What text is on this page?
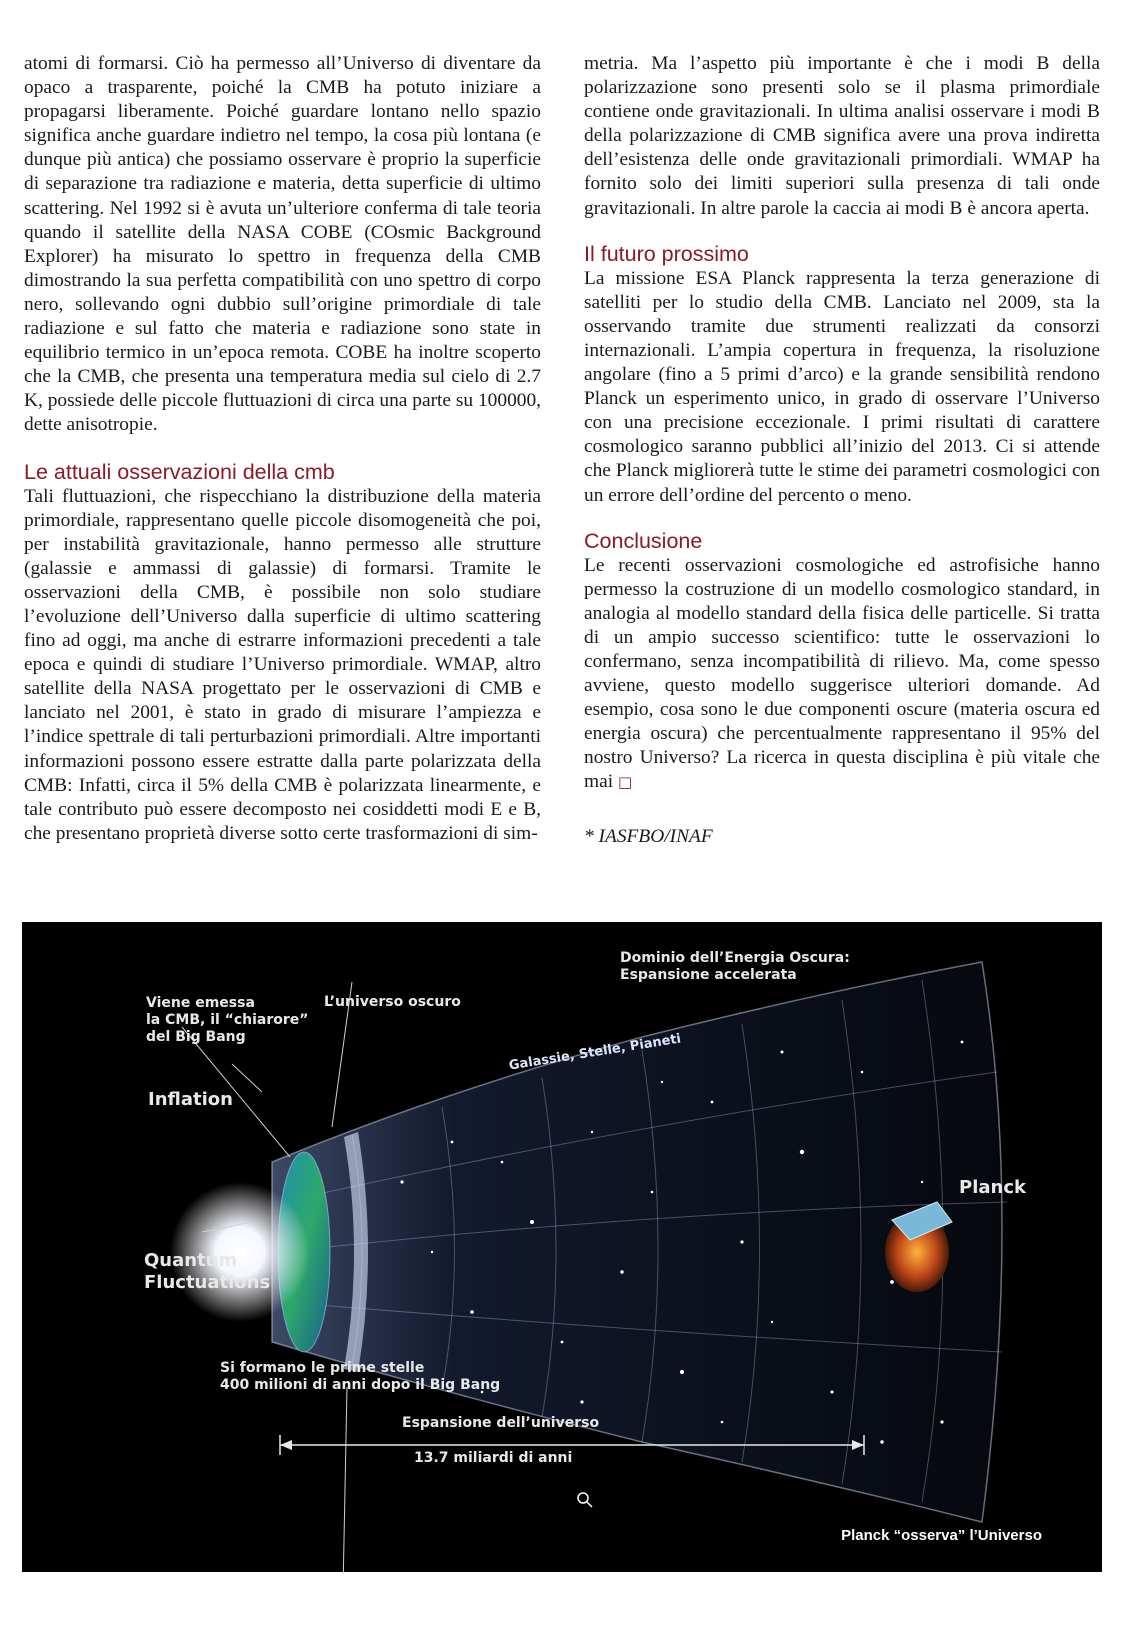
atomi di formarsi. Ciò ha permesso all’Universo di diventare da opaco a trasparente, poiché la CMB ha potuto iniziare a propagarsi liberamente. Poiché guardare lontano nello spazio significa anche guardare indietro nel tempo, la cosa più lontana (e dunque più antica) che possiamo osservare è proprio la superficie di separazione tra radiazione e materia, detta superficie di ultimo scattering. Nel 1992 si è avuta un’ulteriore conferma di tale teoria quando il satellite della NASA COBE (COsmic Background Explorer) ha misurato lo spettro in frequenza della CMB dimostrando la sua perfetta compatibilità con uno spettro di corpo nero, sollevando ogni dubbio sull’origine primordiale di tale radiazione e sul fatto che materia e radiazione sono state in equilibrio termico in un’epoca remota. COBE ha inoltre scoperto che la CMB, che presenta una temperatura media sul cielo di 2.7 K, possiede delle piccole fluttuazioni di circa una parte su 100000, dette anisotropie.

Le attuali osservazioni della cmb

Tali fluttuazioni, che rispecchiano la distribuzione della materia primordiale, rappresentano quelle piccole disomogeneità che poi, per instabilità gravitazionale, hanno permesso alle strutture (galassie e ammassi di galassie) di formarsi. Tramite le osservazioni della CMB, è possibile non solo studiare l’evoluzione dell’Universo dalla superficie di ultimo scattering fino ad oggi, ma anche di estrarre informazioni precedenti a tale epoca e quindi di studiare l’Universo primordiale. WMAP, altro satellite della NASA progettato per le osservazioni di CMB e lanciato nel 2001, è stato in grado di misurare l’ampiezza e l’indice spettrale di tali perturbazioni primordiali. Altre importanti informazioni possono essere estratte dalla parte polarizzata della CMB: Infatti, circa il 5% della CMB è polarizzata linearmente, e tale contributo può essere decomposto nei cosiddetti modi E e B, che presentano proprietà diverse sotto certe trasformazioni di sim-

metria. Ma l’aspetto più importante è che i modi B della polarizzazione sono presenti solo se il plasma primordiale contiene onde gravitazionali. In ultima analisi osservare i modi B della polarizzazione di CMB significa avere una prova indiretta dell’esistenza delle onde gravitazionali primordiali. WMAP ha fornito solo dei limiti superiori sulla presenza di tali onde gravitazionali. In altre parole la caccia ai modi B è ancora aperta.

Il futuro prossimo

La missione ESA Planck rappresenta la terza generazione di satelliti per lo studio della CMB. Lanciato nel 2009, sta la osservando tramite due strumenti realizzati da consorzi internazionali. L’ampia copertura in frequenza, la risoluzione angolare (fino a 5 primi d’arco) e la grande sensibilità rendono Planck un esperimento unico, in grado di osservare l’Universo con una precisione eccezionale. I primi risultati di carattere cosmologico saranno pubblici all’inizio del 2013. Ci si attende che Planck migliorerà tutte le stime dei parametri cosmologici con un errore dell’ordine del percento o meno.

Conclusione

Le recenti osservazioni cosmologiche ed astrofisiche hanno permesso la costruzione di un modello cosmologico standard, in analogia al modello standard della fisica delle particelle. Si tratta di un ampio successo scientifico: tutte le osservazioni lo confermano, senza incompatibilità di rilievo. Ma, come spesso avviene, questo modello suggerisce ulteriori domande. Ad esempio, cosa sono le due componenti oscure (materia oscura ed energia oscura) che percentualmente rappresentano il 95% del nostro Universo? La ricerca in questa disciplina è più vitale che mai □

* IASFBO/INAF

Dominio dell’Energia Oscura:
Espansione accelerata
Viene emessa
la CMB, il “chiarore”
del Big Bang
L’universo oscuro
Galassie, Stelle, Pianeti
Inflation
Planck
Quantum
Fluctuations
Si formano le prime stelle
400 milioni di anni dopo il Big Bang
Espansione dell’universo
13.7 miliardi di anni
Planck “osserva” l’Universo
